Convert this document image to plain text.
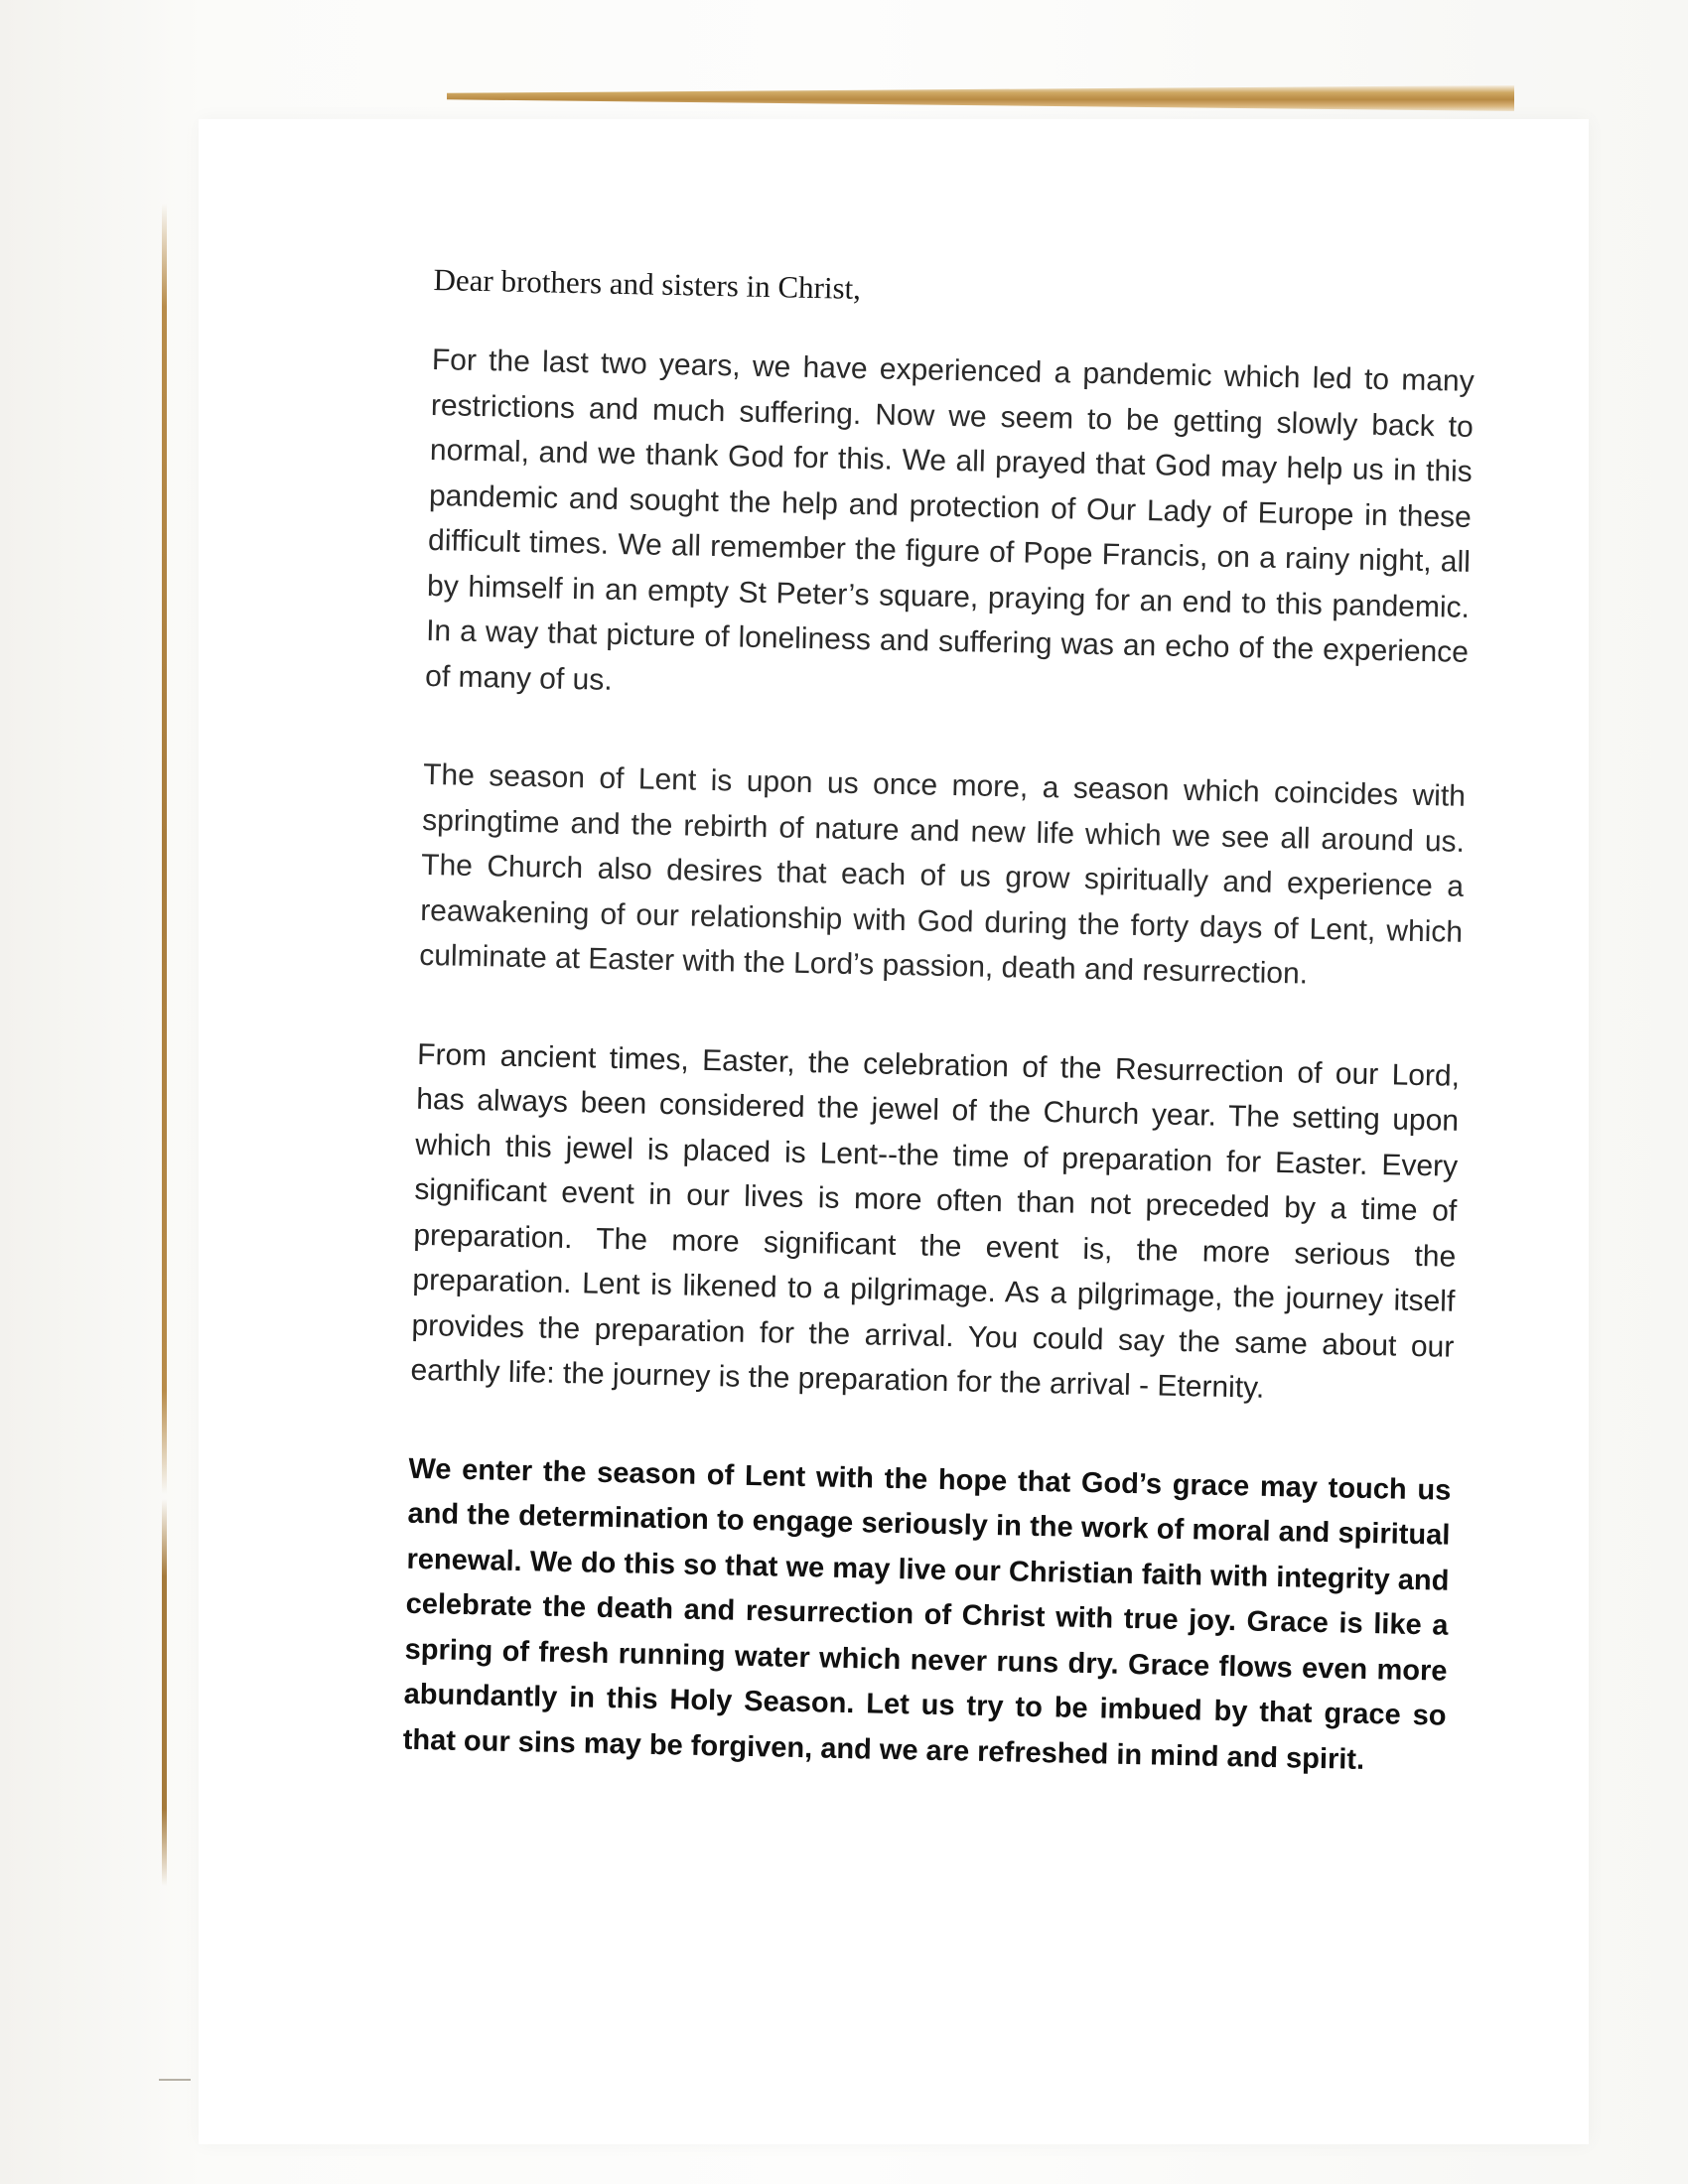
Dear brothers and sisters in Christ,

For the last two years, we have experienced a pandemic which led to many restrictions and much suffering. Now we seem to be getting slowly back to normal, and we thank God for this. We all prayed that God may help us in this pandemic and sought the help and protection of Our Lady of Europe in these difficult times. We all remember the figure of Pope Francis, on a rainy night, all by himself in an empty St Peter’s square, praying for an end to this pandemic. In a way that picture of loneliness and suffering was an echo of the experience of many of us.

The season of Lent is upon us once more, a season which coincides with springtime and the rebirth of nature and new life which we see all around us. The Church also desires that each of us grow spiritually and experience a reawakening of our relationship with God during the forty days of Lent, which culminate at Easter with the Lord’s passion, death and resurrection.

From ancient times, Easter, the celebration of the Resurrection of our Lord, has always been considered the jewel of the Church year. The setting upon which this jewel is placed is Lent--the time of preparation for Easter. Every significant event in our lives is more often than not preceded by a time of preparation. The more significant the event is, the more serious the preparation. Lent is likened to a pilgrimage. As a pilgrimage, the journey itself provides the preparation for the arrival. You could say the same about our earthly life: the journey is the preparation for the arrival - Eternity.

We enter the season of Lent with the hope that God’s grace may touch us and the determination to engage seriously in the work of moral and spiritual renewal. We do this so that we may live our Christian faith with integrity and celebrate the death and resurrection of Christ with true joy. Grace is like a spring of fresh running water which never runs dry. Grace flows even more abundantly in this Holy Season. Let us try to be imbued by that grace so that our sins may be forgiven, and we are refreshed in mind and spirit.
